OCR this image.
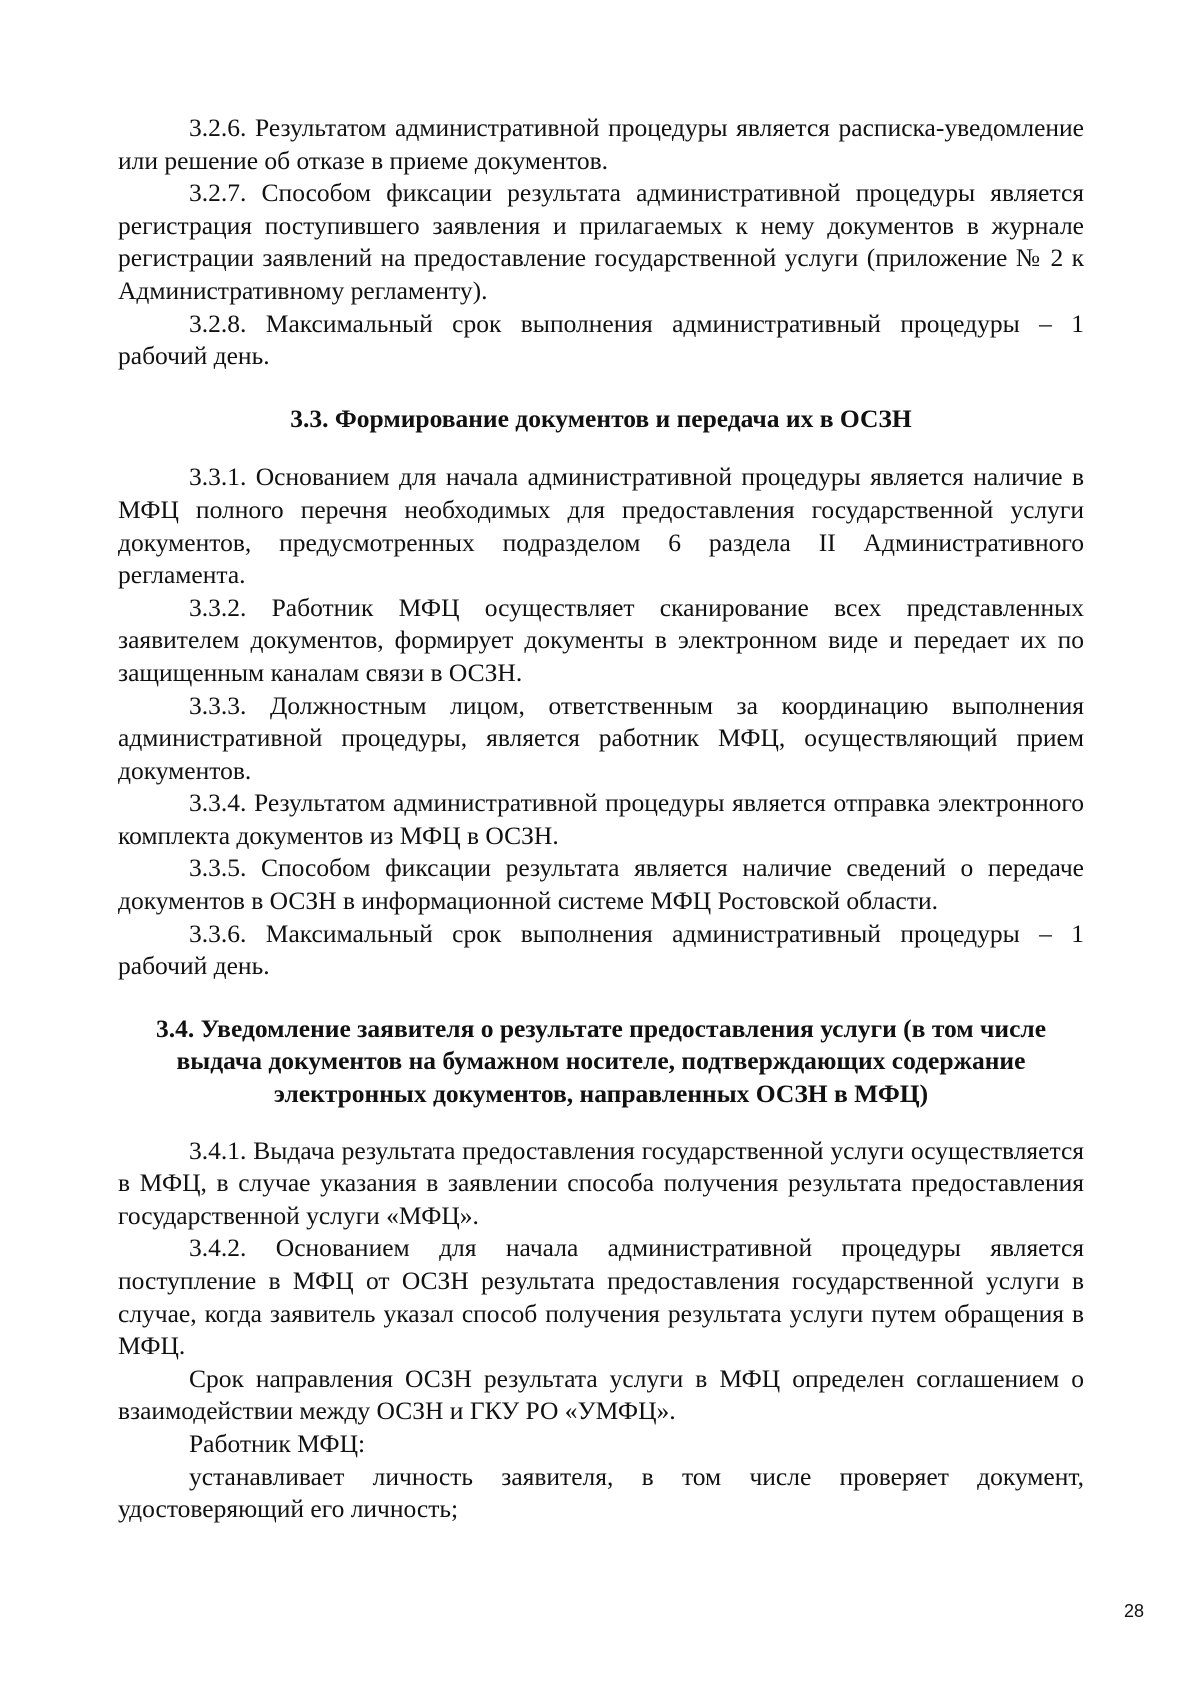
3.2.6. Результатом административной процедуры является расписка-уведомление или решение об отказе в приеме документов.

3.2.7. Способом фиксации результата административной процедуры является регистрация поступившего заявления и прилагаемых к нему документов в журнале регистрации заявлений на предоставление государственной услуги (приложение № 2 к Административному регламенту).

3.2.8. Максимальный срок выполнения административный процедуры – 1 рабочий день.

3.3. Формирование документов и передача их в ОСЗН

3.3.1. Основанием для начала административной процедуры является наличие в МФЦ полного перечня необходимых для предоставления государственной услуги документов, предусмотренных подразделом 6 раздела II Административного регламента.

3.3.2. Работник МФЦ осуществляет сканирование всех представленных заявителем документов, формирует документы в электронном виде и передает их по защищенным каналам связи в ОСЗН.

3.3.3. Должностным лицом, ответственным за координацию выполнения административной процедуры, является работник МФЦ, осуществляющий прием документов.

3.3.4. Результатом административной процедуры является отправка электронного комплекта документов из МФЦ в ОСЗН.

3.3.5. Способом фиксации результата является наличие сведений о передаче документов в ОСЗН в информационной системе МФЦ Ростовской области.

3.3.6. Максимальный срок выполнения административный процедуры – 1 рабочий день.

3.4. Уведомление заявителя о результате предоставления услуги (в том числе выдача документов на бумажном носителе, подтверждающих содержание электронных документов, направленных ОСЗН в МФЦ)

3.4.1. Выдача результата предоставления государственной услуги осуществляется в МФЦ, в случае указания в заявлении способа получения результата предоставления государственной услуги «МФЦ».

3.4.2. Основанием для начала административной процедуры является поступление в МФЦ от ОСЗН результата предоставления государственной услуги в случае, когда заявитель указал способ получения результата услуги путем обращения в МФЦ.

Срок направления ОСЗН результата услуги в МФЦ определен соглашением о взаимодействии между ОСЗН и ГКУ РО «УМФЦ».

Работник МФЦ:

устанавливает личность заявителя, в том числе проверяет документ, удостоверяющий его личность;

28
